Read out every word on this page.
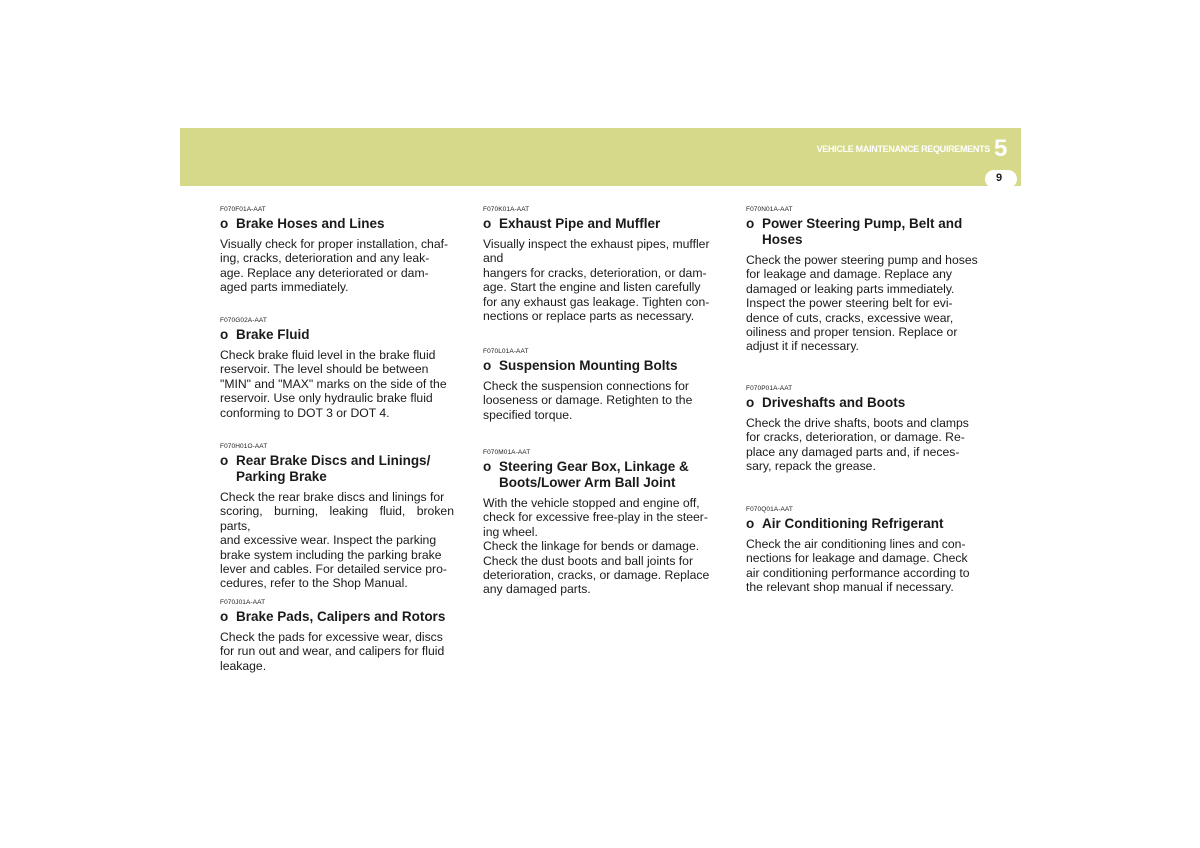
VEHICLE MAINTENANCE REQUIREMENTS 5
9
F070F01A-AAT
o Brake Hoses and Lines

Visually check for proper installation, chaf-
ing, cracks, deterioration and any leak-
age. Replace any deteriorated or dam-
aged parts immediately.

F070G02A-AAT
o Brake Fluid

Check brake fluid level in the brake fluid
reservoir. The level should be between
"MIN" and "MAX" marks on the side of the
reservoir. Use only hydraulic brake fluid
conforming to DOT 3 or DOT 4.

F070H01O-AAT
o Rear Brake Discs and Linings/ Parking Brake

Check the rear brake discs and linings for
scoring, burning, leaking fluid, broken parts,
and excessive wear. Inspect the parking
brake system including the parking brake
lever and cables. For detailed service pro-
cedures, refer to the Shop Manual.

F070J01A-AAT
o Brake Pads, Calipers and Rotors

Check the pads for excessive wear, discs
for run out and wear, and calipers for fluid
leakage.

F070K01A-AAT
o Exhaust Pipe and Muffler

Visually inspect the exhaust pipes, muffler
and
hangers for cracks, deterioration, or dam-
age. Start the engine and listen carefully
for any exhaust gas leakage. Tighten con-
nections or replace parts as necessary.

F070L01A-AAT
o Suspension Mounting Bolts

Check the suspension connections for
looseness or damage. Retighten to the
specified torque.

F070M01A-AAT
o Steering Gear Box, Linkage & Boots/Lower Arm Ball Joint

With the vehicle stopped and engine off,
check for excessive free-play in the steer-
ing wheel.
Check the linkage for bends or damage.
Check the dust boots and ball joints for
deterioration, cracks, or damage. Replace
any damaged parts.

F070N01A-AAT
o Power Steering Pump, Belt and Hoses

Check the power steering pump and hoses
for leakage and damage. Replace any
damaged or leaking parts immediately.
Inspect the power steering belt for evi-
dence of cuts, cracks, excessive wear,
oiliness and proper tension. Replace or
adjust it if necessary.

F070P01A-AAT
o Driveshafts and Boots

Check the drive shafts, boots and clamps
for cracks, deterioration, or damage. Re-
place any damaged parts and, if neces-
sary, repack the grease.

F070Q01A-AAT
o Air Conditioning Refrigerant

Check the air conditioning lines and con-
nections for leakage and damage. Check
air conditioning performance according to
the relevant shop manual if necessary.
